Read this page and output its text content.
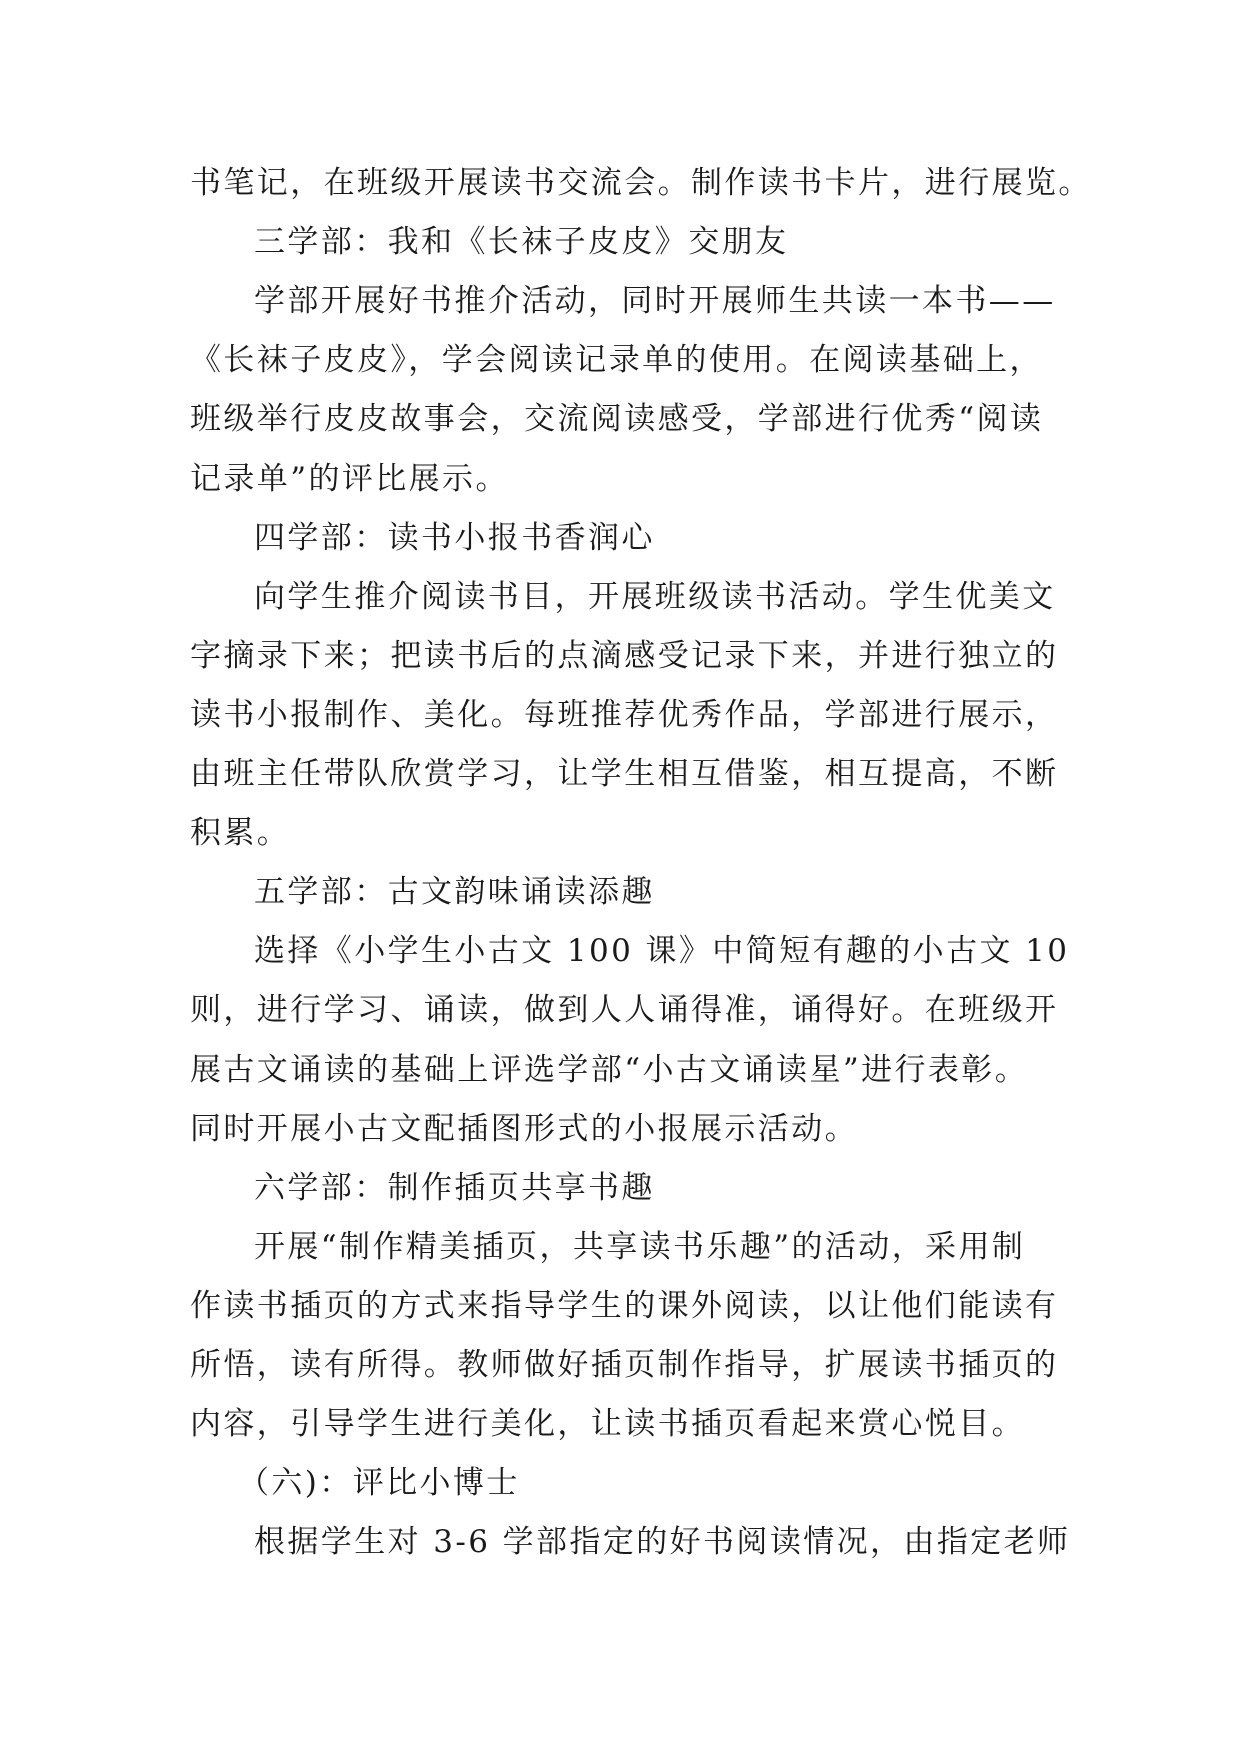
书笔记，在班级开展读书交流会。制作读书卡片，进行展览。
三学部：我和《长袜子皮皮》交朋友
学部开展好书推介活动，同时开展师生共读一本书——
《长袜子皮皮》，学会阅读记录单的使用。在阅读基础上，
班级举行皮皮故事会，交流阅读感受，学部进行优秀“阅读
记录单”的评比展示。
四学部：读书小报书香润心
向学生推介阅读书目，开展班级读书活动。学生优美文
字摘录下来；把读书后的点滴感受记录下来，并进行独立的
读书小报制作、美化。每班推荐优秀作品，学部进行展示，
由班主任带队欣赏学习，让学生相互借鉴，相互提高，不断
积累。
五学部：古文韵味诵读添趣
选择《小学生小古文 100 课》中简短有趣的小古文 10
则，进行学习、诵读，做到人人诵得准，诵得好。在班级开
展古文诵读的基础上评选学部“小古文诵读星”进行表彰。
同时开展小古文配插图形式的小报展示活动。
六学部：制作插页共享书趣
开展“制作精美插页，共享读书乐趣”的活动，采用制
作读书插页的方式来指导学生的课外阅读，以让他们能读有
所悟，读有所得。教师做好插页制作指导，扩展读书插页的
内容，引导学生进行美化，让读书插页看起来赏心悦目。
（六)：评比小博士
根据学生对 3-6 学部指定的好书阅读情况，由指定老师
